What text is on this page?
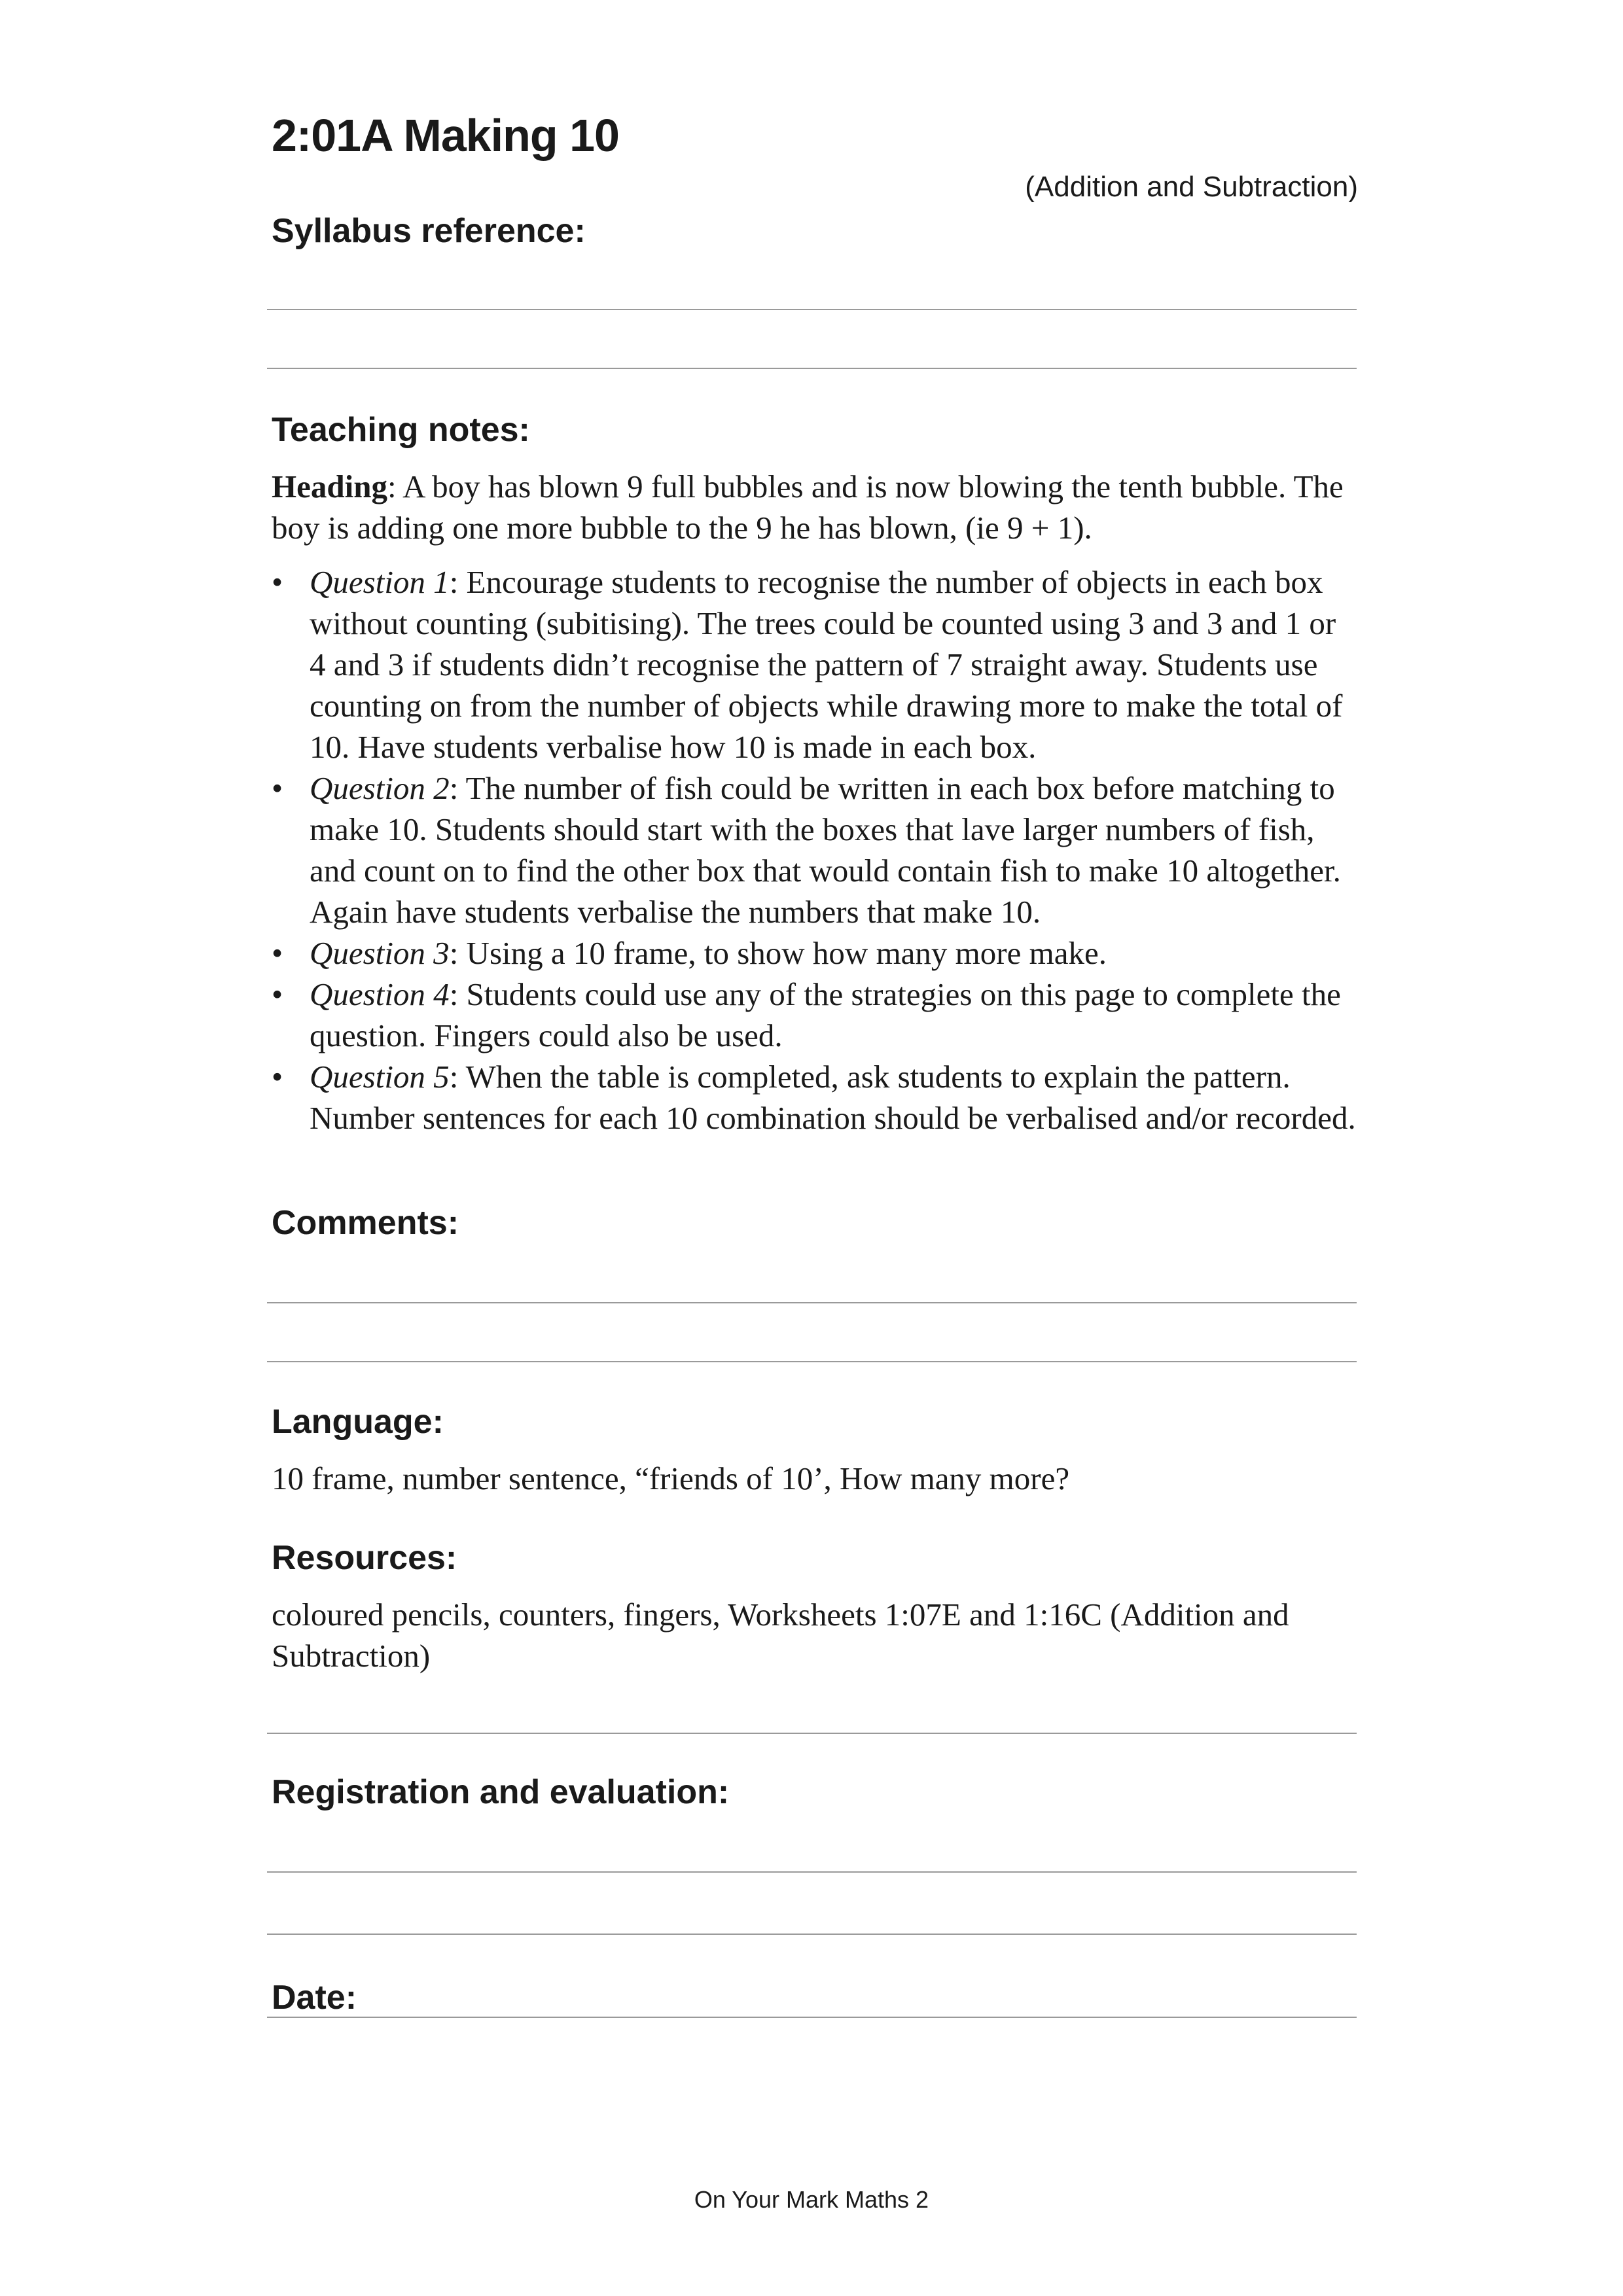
2:01A Making 10
(Addition and Subtraction)
Syllabus reference:
Teaching notes:
Heading: A boy has blown 9 full bubbles and is now blowing the tenth bubble. The boy is adding one more bubble to the 9 he has blown, (ie 9 + 1).
• Question 1: Encourage students to recognise the number of objects in each box without counting (subitising). The trees could be counted using 3 and 3 and 1 or 4 and 3 if students didn’t recognise the pattern of 7 straight away. Students use counting on from the number of objects while drawing more to make the total of 10. Have students verbalise how 10 is made in each box.
• Question 2: The number of fish could be written in each box before matching to make 10. Students should start with the boxes that lave larger numbers of fish, and count on to find the other box that would contain fish to make 10 altogether. Again have students verbalise the numbers that make 10.
• Question 3: Using a 10 frame, to show how many more make.
• Question 4: Students could use any of the strategies on this page to complete the question. Fingers could also be used.
• Question 5: When the table is completed, ask students to explain the pattern. Number sentences for each 10 combination should be verbalised and/or recorded.
Comments:
Language:
10 frame, number sentence, “friends of 10’, How many more?
Resources:
coloured pencils, counters, fingers, Worksheets 1:07E and 1:16C (Addition and Subtraction)
Registration and evaluation:
Date:
On Your Mark Maths 2
